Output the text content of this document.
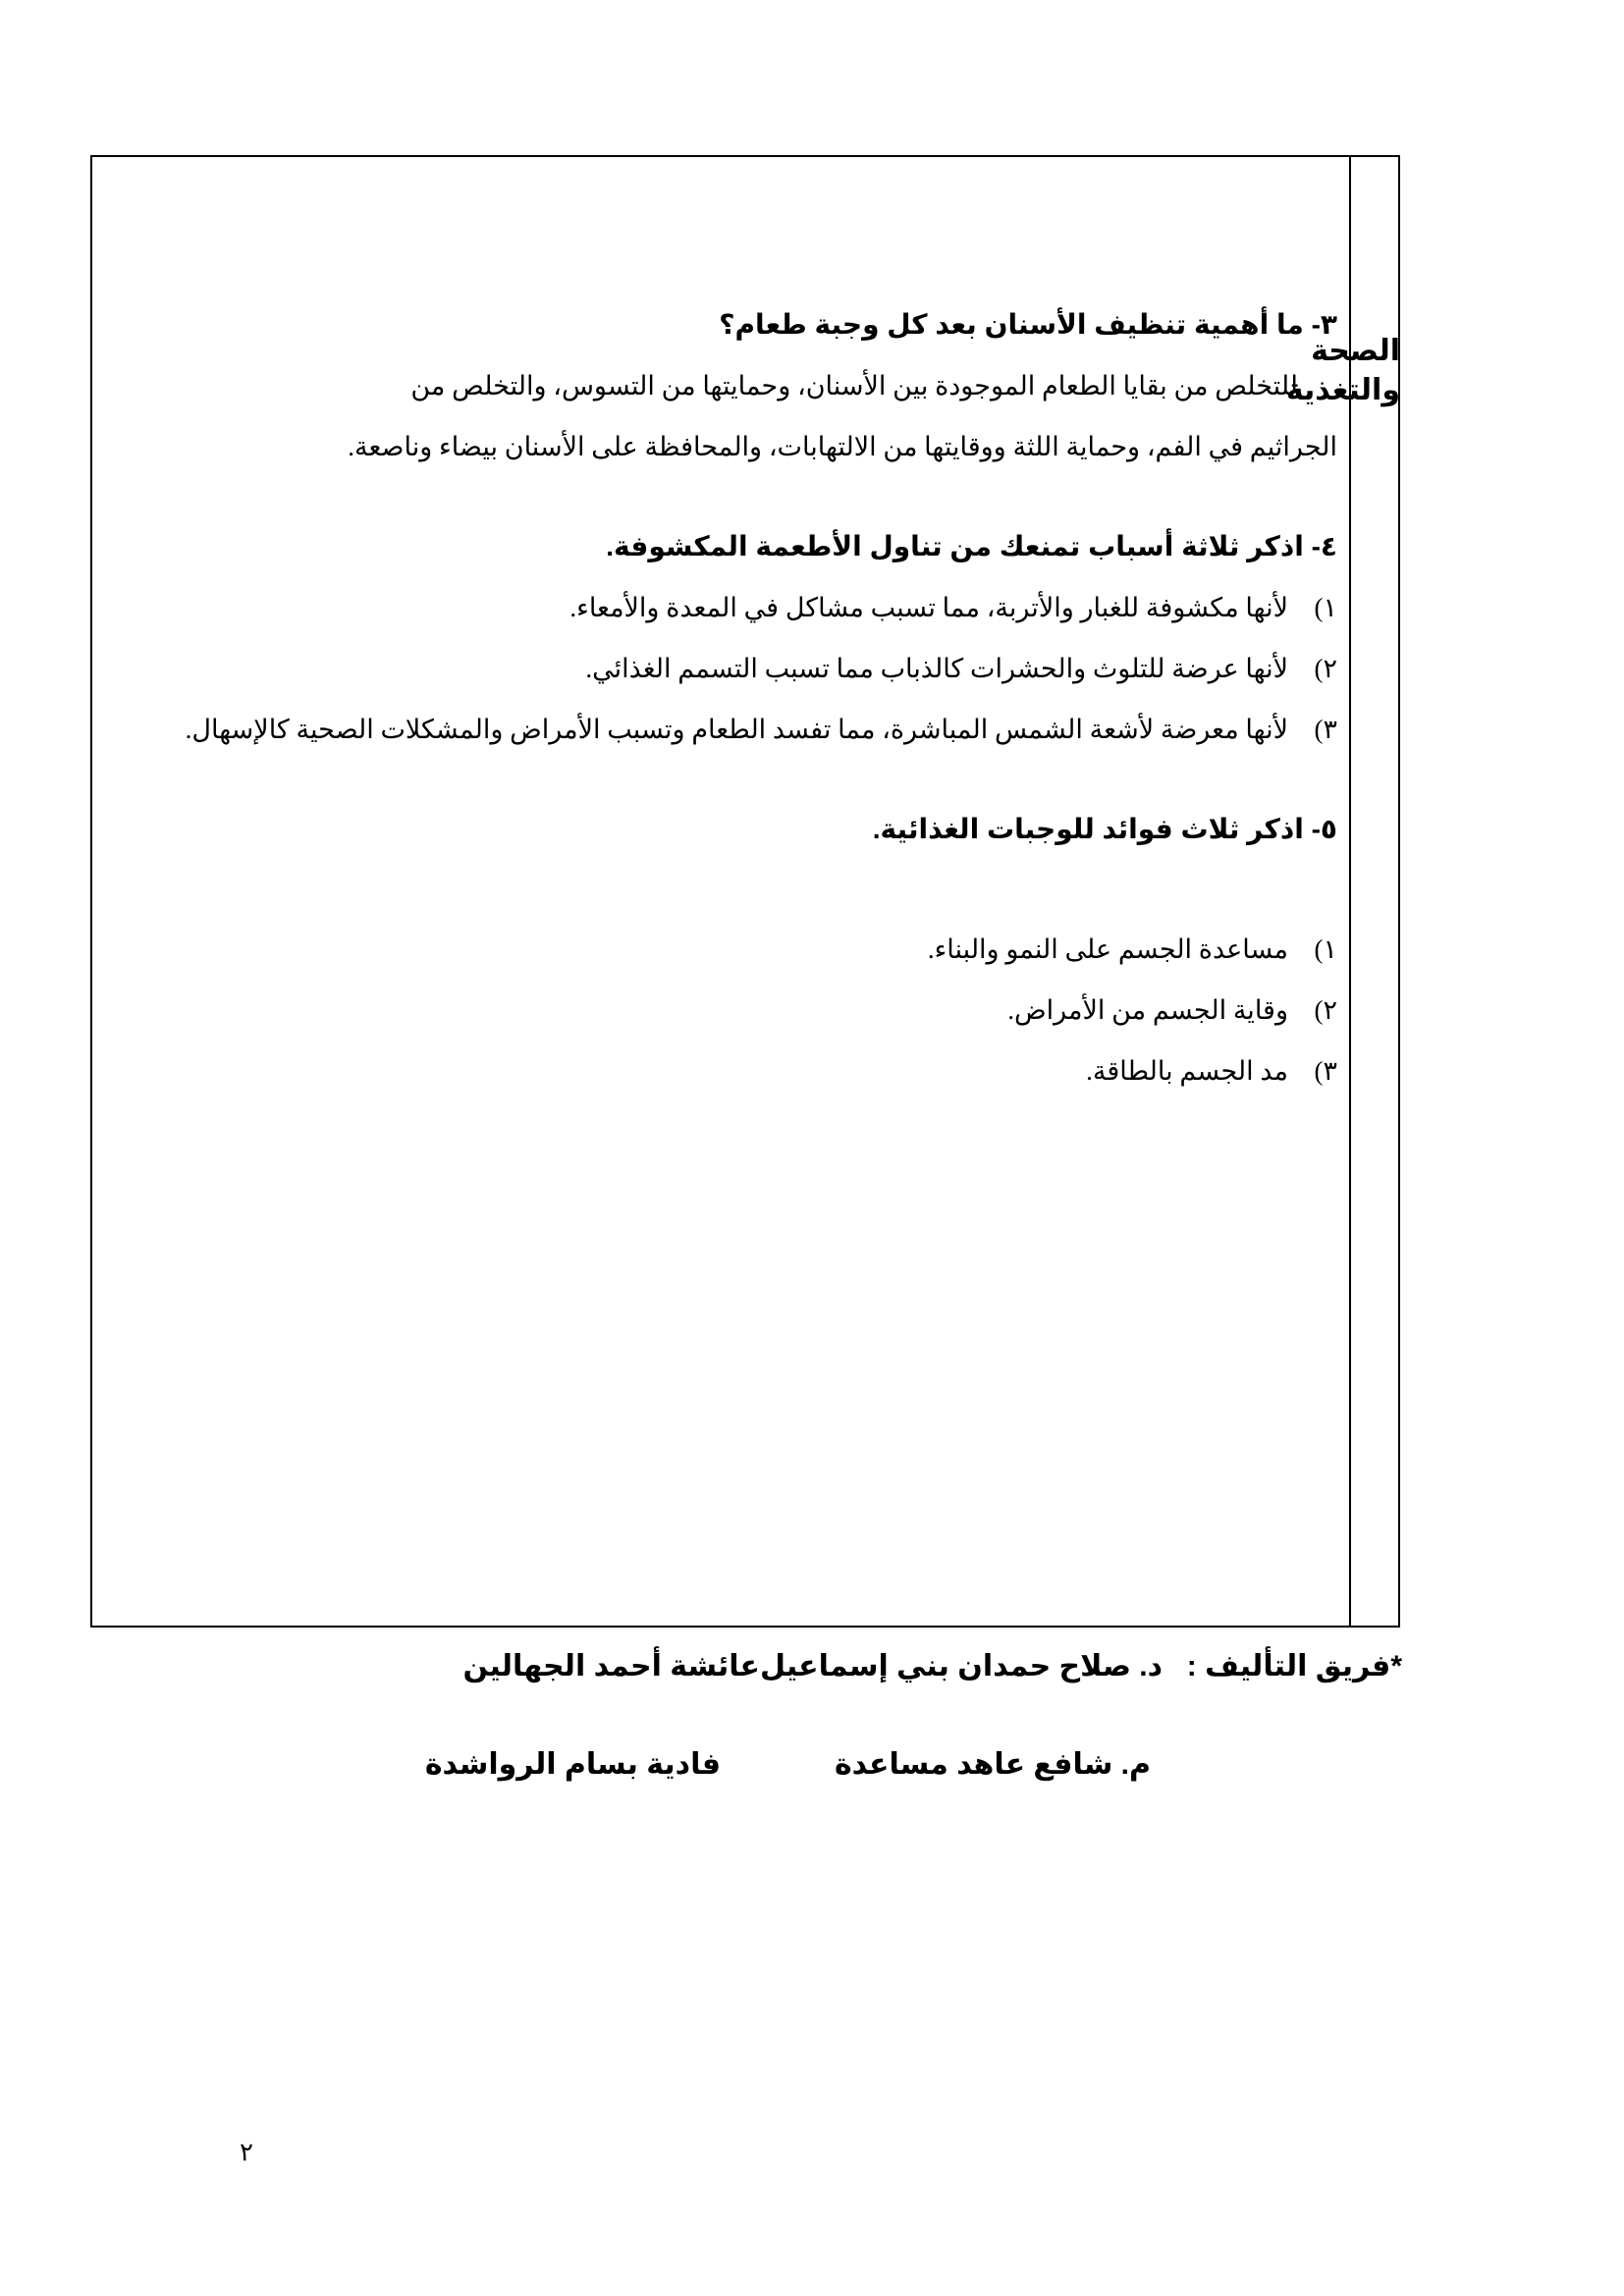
الصحة
والتغذية

٣- ما أهمية تنظيف الأسنان بعد كل وجبة طعام؟

للتخلص من بقايا الطعام الموجودة بين الأسنان، وحمايتها من التسوس، والتخلص من

الجراثيم في الفم، وحماية اللثة ووقايتها من الالتهابات، والمحافظة على الأسنان بيضاء وناصعة.

٤- اذكر ثلاثة أسباب تمنعك من تناول الأطعمة المكشوفة.

١)
لأنها مكشوفة للغبار والأتربة، مما تسبب مشاكل في المعدة والأمعاء.
٢)
لأنها عرضة للتلوث والحشرات كالذباب مما تسبب التسمم الغذائي.
٣)
لأنها معرضة لأشعة الشمس المباشرة، مما تفسد الطعام وتسبب الأمراض والمشكلات الصحية كالإسهال.

٥- اذكر ثلاث فوائد للوجبات الغذائية.

١)
مساعدة الجسم على النمو والبناء.
٢)
وقاية الجسم من الأمراض.
٣)
مد الجسم بالطاقة.
*فريق التأليف :
د. صلاح حمدان بني إسماعيل
عائشة أحمد الجهالين
م. شافع عاهد مساعدة
فادية بسام الرواشدة
٢
